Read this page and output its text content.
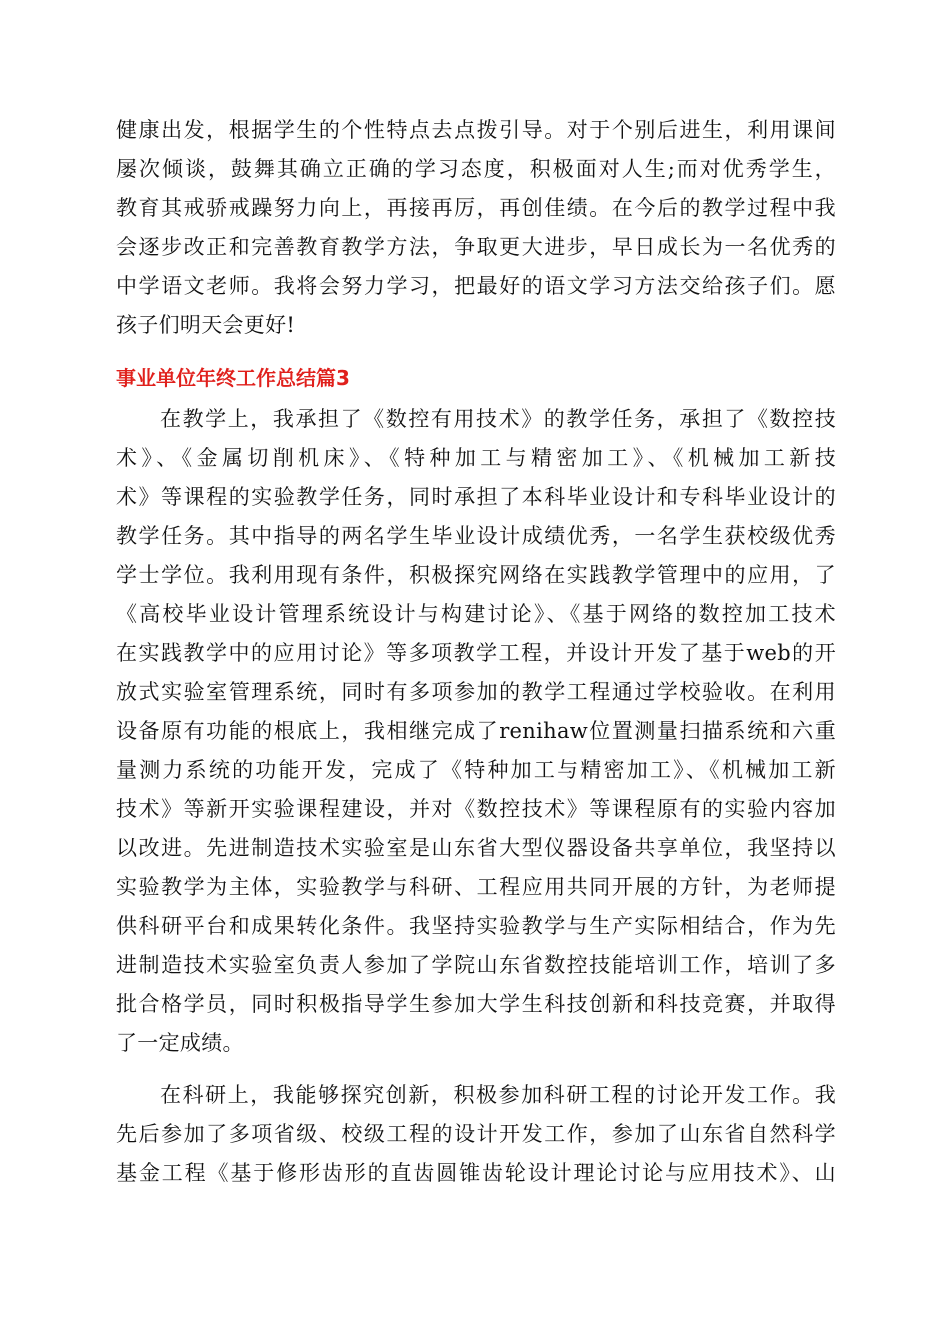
健康出发，根据学生的个性特点去点拨引导。对于个别后进生，利用课间
屡次倾谈，鼓舞其确立正确的学习态度，积极面对人生;而对优秀学生，
教育其戒骄戒躁努力向上，再接再厉，再创佳绩。在今后的教学过程中我
会逐步改正和完善教育教学方法，争取更大进步，早日成长为一名优秀的
中学语文老师。我将会努力学习，把最好的语文学习方法交给孩子们。愿
孩子们明天会更好!
事业单位年终工作总结篇3
在教学上，我承担了《数控有用技术》的教学任务，承担了《数控技
术》、《金属切削机床》、《特种加工与精密加工》、《机械加工新技
术》等课程的实验教学任务，同时承担了本科毕业设计和专科毕业设计的
教学任务。其中指导的两名学生毕业设计成绩优秀，一名学生获校级优秀
学士学位。我利用现有条件，积极探究网络在实践教学管理中的应用，了
《高校毕业设计管理系统设计与构建讨论》、《基于网络的数控加工技术
在实践教学中的应用讨论》等多项教学工程，并设计开发了基于web的开
放式实验室管理系统，同时有多项参加的教学工程通过学校验收。在利用
设备原有功能的根底上，我相继完成了renihaw位置测量扫描系统和六重
量测力系统的功能开发，完成了《特种加工与精密加工》、《机械加工新
技术》等新开实验课程建设，并对《数控技术》等课程原有的实验内容加
以改进。先进制造技术实验室是山东省大型仪器设备共享单位，我坚持以
实验教学为主体，实验教学与科研、工程应用共同开展的方针，为老师提
供科研平台和成果转化条件。我坚持实验教学与生产实际相结合，作为先
进制造技术实验室负责人参加了学院山东省数控技能培训工作，培训了多
批合格学员，同时积极指导学生参加大学生科技创新和科技竞赛，并取得
了一定成绩。
在科研上，我能够探究创新，积极参加科研工程的讨论开发工作。我
先后参加了多项省级、校级工程的设计开发工作，参加了山东省自然科学
基金工程《基于修形齿形的直齿圆锥齿轮设计理论讨论与应用技术》、山
